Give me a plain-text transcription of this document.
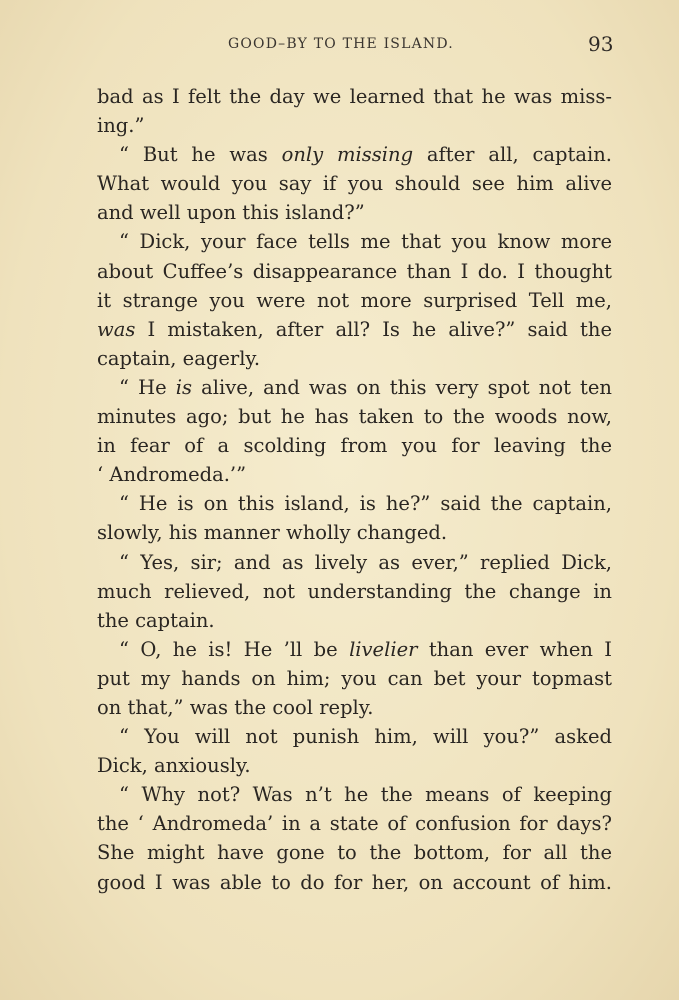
GOOD–BY TO THE ISLAND.	93
bad as I felt the day we learned that he was miss-
ing.”
“ But he was only missing after all, captain.
What would you say if you should see him alive
and well upon this island?”
“ Dick, your face tells me that you know more
about Cuffee’s disappearance than I do. I thought
it strange you were not more surprised Tell me,
was I mistaken, after all? Is he alive?” said the
captain, eagerly.
“ He is alive, and was on this very spot not ten
minutes ago; but he has taken to the woods now,
in fear of a scolding from you for leaving the
‘ Andromeda.’”
“ He is on this island, is he?” said the captain,
slowly, his manner wholly changed.
“ Yes, sir; and as lively as ever,” replied Dick,
much relieved, not understanding the change in
the captain.
“ O, he is! He ’ll be livelier than ever when I
put my hands on him; you can bet your topmast
on that,” was the cool reply.
“ You will not punish him, will you?” asked
Dick, anxiously.
“ Why not? Was n’t he the means of keeping
the ‘ Andromeda’ in a state of confusion for days?
She might have gone to the bottom, for all the
good I was able to do for her, on account of him.
